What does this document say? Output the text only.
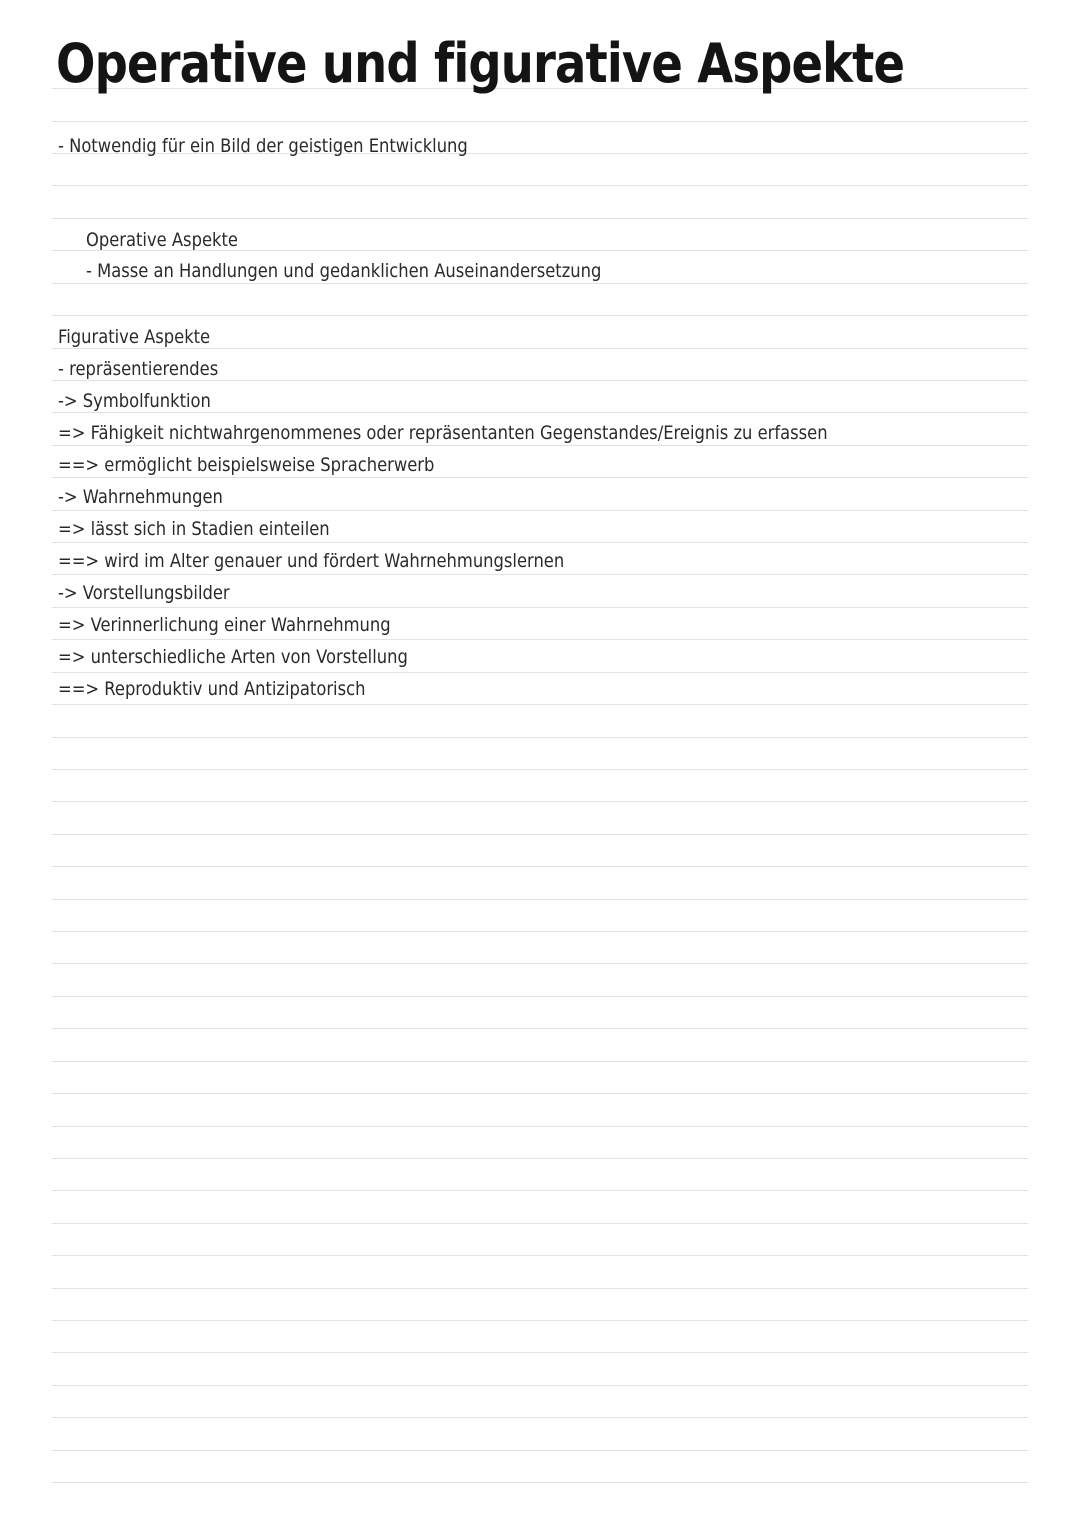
Operative und figurative Aspekte
- Notwendig für ein Bild der geistigen Entwicklung
Operative Aspekte
- Masse an Handlungen und gedanklichen Auseinandersetzung
Figurative Aspekte
- repräsentierendes
-> Symbolfunktion
=> Fähigkeit nichtwahrgenommenes oder repräsentanten Gegenstandes/Ereignis zu erfassen
==> ermöglicht beispielsweise Spracherwerb
-> Wahrnehmungen
=> lässt sich in Stadien einteilen
==> wird im Alter genauer und fördert Wahrnehmungslernen
-> Vorstellungsbilder
=> Verinnerlichung einer Wahrnehmung
=> unterschiedliche Arten von Vorstellung
==> Reproduktiv und Antizipatorisch
